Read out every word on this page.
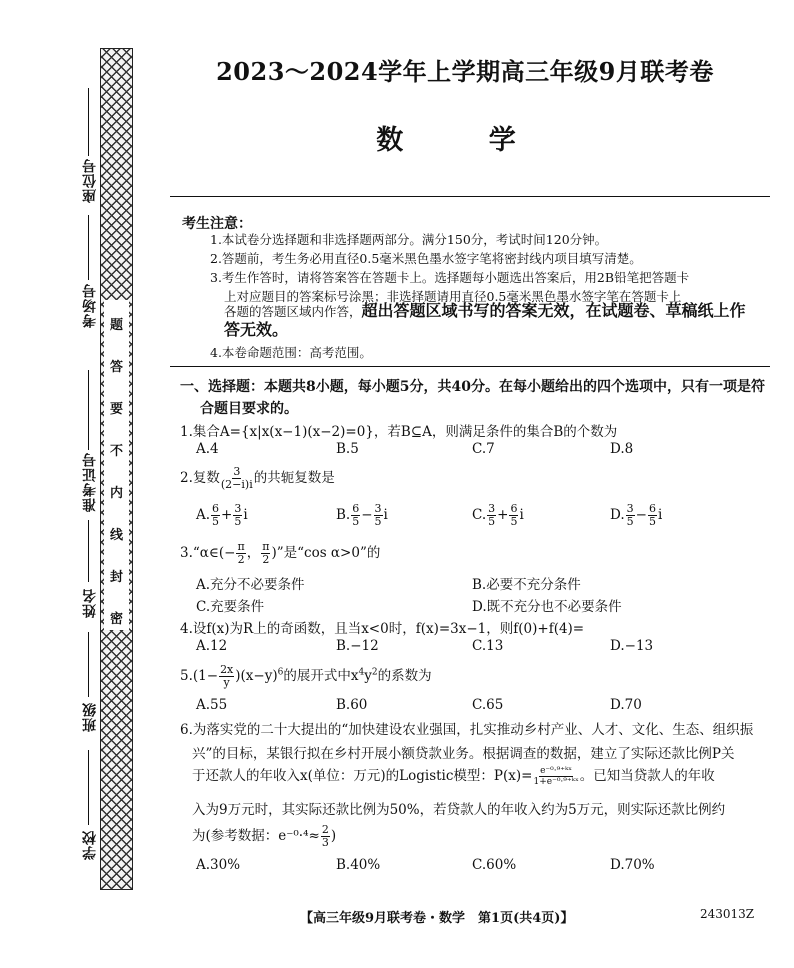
题
答
要
不
内
线
封
密
座位号
考场号
准考证号
姓名
班级
学校
2023～2024学年上学期高三年级9月联考卷
数 学
考生注意：
1.本试卷分选择题和非选择题两部分。满分150分，考试时间120分钟。
2.答题前，考生务必用直径0.5毫米黑色墨水签字笔将密封线内项目填写清楚。
3.考生作答时，请将答案答在答题卡上。选择题每小题选出答案后，用2B铅笔把答题卡
上对应题目的答案标号涂黑；非选择题请用直径0.5毫米黑色墨水签字笔在答题卡上
各题的答题区域内作答，超出答题区域书写的答案无效，在试题卷、草稿纸上作
答无效。
4.本卷命题范围：高考范围。
一、选择题：本题共8小题，每小题5分，共40分。在每小题给出的四个选项中，只有一项是符
合题目要求的。
1.集合A={x|x(x−1)(x−2)=0}，若B⊆A，则满足条件的集合B的个数为
A.4	B.5	C.7	D.8
2.复数 $\frac{3}{(2-i)i}$ 的共轭复数是
A. $\frac{6}{5} + \frac{3}{5}$ i	B. $\frac{6}{5} - \frac{3}{5}$ i	C. $\frac{3}{5} + \frac{6}{5}$ i	D. $\frac{3}{5} - \frac{6}{5}$ i
3.“α∈(− $\frac{\pi}{2}$ ， $\frac{\pi}{2}$ )”是“cos α>0”的
A.充分不必要条件	B.必要不充分条件
C.充要条件	D.既不充分也不必要条件
4.设f(x)为R上的奇函数，且当x<0时，f(x)=3x−1，则f(0)+f(4)=
A.12	B.−12	C.13	D.−13
$5.(1- \frac{2x}{y} )(x-y)^6$的展开式中$x^4y^2$的系数为
A.55	B.60	C.65	D.70
6.为落实党的二十大提出的“加快建设农业强国，扎实推动乡村产业、人才、文化、生态、组织振
兴”的目标，某银行拟在乡村开展小额贷款业务。根据调查的数据，建立了实际还款比例P关
于还款人的年收入x(单位：万元)的Logistic模型：$P(x)= \frac{\text{e⁻⁰·⁹⁺ᵏˣ}}{\text{1+e⁻⁰·⁹⁺ᵏˣ}}$ 。已知当贷款人的年收
入为9万元时，其实际还款比例为50%，若贷款人的年收入约为5万元，则实际还款比例约
为(参考数据：$e^{-0}\cdot^4\approx \frac{2}{3}$ )
A.30%	B.40%	C.60%	D.70%
【高三年级9月联考卷・数学　第1页(共4页)】	243013Z
